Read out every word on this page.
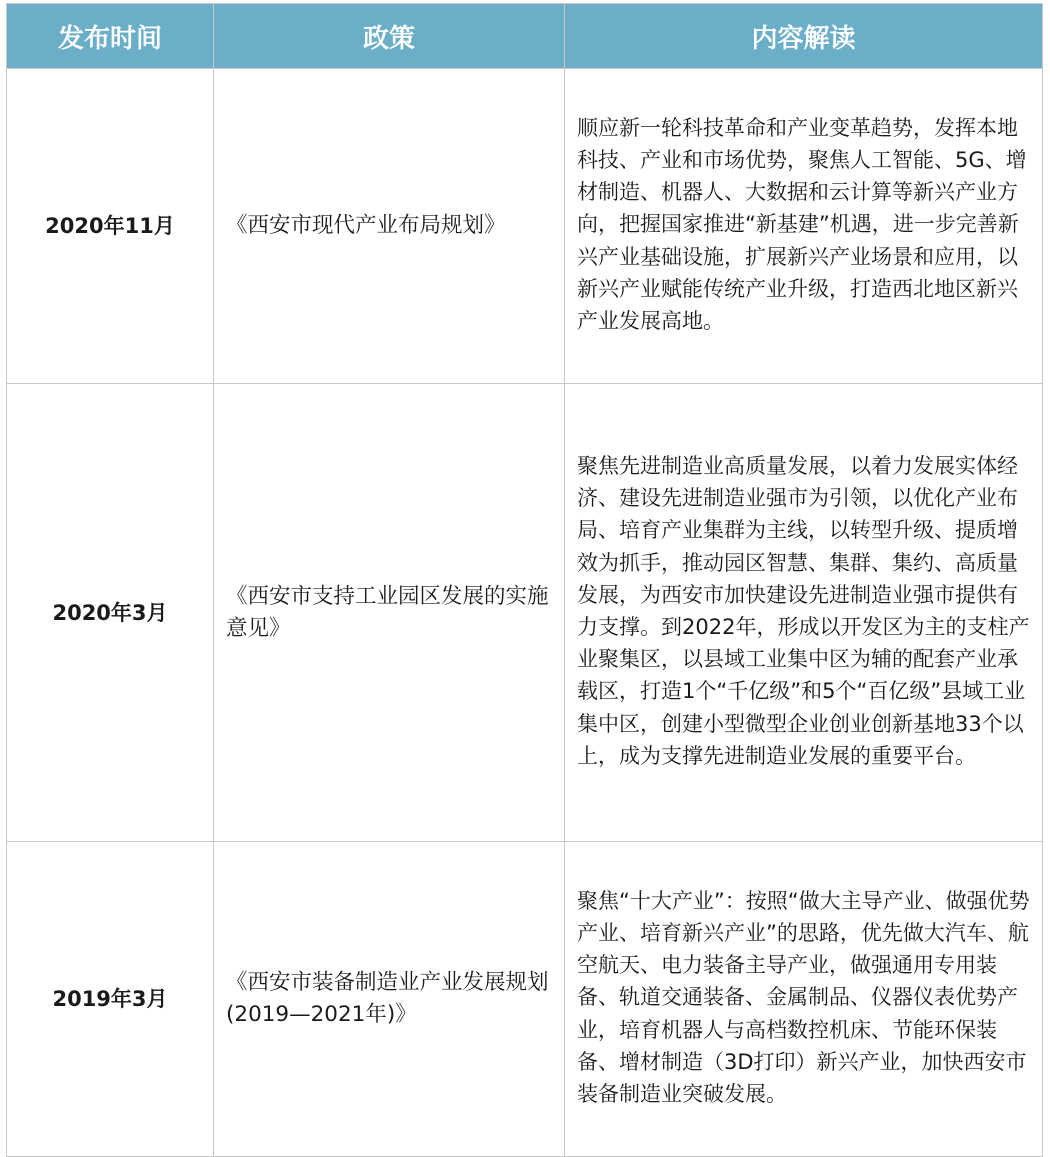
发布时间	政策	内容解读
2020年11月	《西安市现代产业布局规划》	顺应新一轮科技革命和产业变革趋势，发挥本地科技、产业和市场优势，聚焦人工智能、5G、增材制造、机器人、大数据和云计算等新兴产业方向，把握国家推进“新基建”机遇，进一步完善新兴产业基础设施，扩展新兴产业场景和应用，以新兴产业赋能传统产业升级，打造西北地区新兴产业发展高地。
2020年3月	《西安市支持工业园区发展的实施意见》	聚焦先进制造业高质量发展，以着力发展实体经济、建设先进制造业强市为引领，以优化产业布局、培育产业集群为主线，以转型升级、提质增效为抓手，推动园区智慧、集群、集约、高质量发展，为西安市加快建设先进制造业强市提供有力支撑。到2022年，形成以开发区为主的支柱产业聚集区，以县域工业集中区为辅的配套产业承载区，打造1个“千亿级”和5个“百亿级”县域工业集中区，创建小型微型企业创业创新基地33个以上，成为支撑先进制造业发展的重要平台。
2019年3月	《西安市装备制造业产业发展规划(2019—2021年)》	聚焦“十大产业”：按照“做大主导产业、做强优势产业、培育新兴产业”的思路，优先做大汽车、航空航天、电力装备主导产业，做强通用专用装备、轨道交通装备、金属制品、仪器仪表优势产业，培育机器人与高档数控机床、节能环保装备、增材制造（3D打印）新兴产业，加快西安市装备制造业突破发展。
